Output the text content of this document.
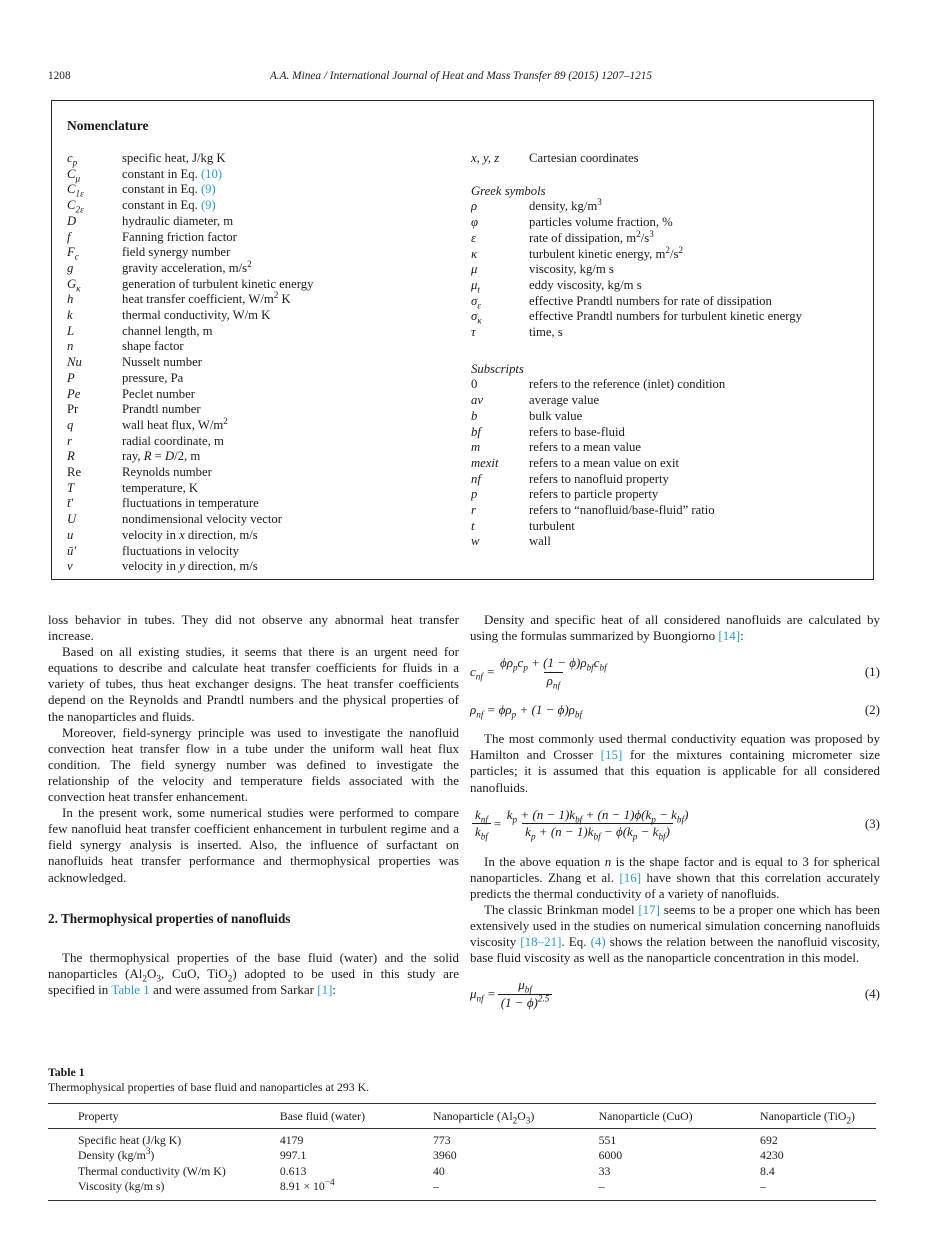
1208	A.A. Minea / International Journal of Heat and Mass Transfer 89 (2015) 1207–1215
Nomenclature
$c_p$	specific heat, J/kg K
$C_\mu$	constant in Eq. (10)
$C_{1\varepsilon}$	constant in Eq. (9)
$C_{2\varepsilon}$	constant in Eq. (9)
D	hydraulic diameter, m
f	Fanning friction factor
$F_c$	field synergy number
g	gravity acceleration, $m/s^2$
$G_\kappa$	generation of turbulent kinetic energy
h	heat transfer coefficient, $W/m^2$ K
k	thermal conductivity, W/m K
L	channel length, m
n	shape factor
Nu	Nusselt number
P	pressure, Pa
Pe	Peclet number
Pr	Prandtl number
q	wall heat flux, $W/m^2$
r	radial coordinate, m
R	ray, R = D/2, m
Re	Reynolds number
T	temperature, K
t̄′	fluctuations in temperature
U	nondimensional velocity vector
u	velocity in x direction, m/s
ū′	fluctuations in velocity
v	velocity in y direction, m/s
x, y, z	Cartesian coordinates
Greek symbols
ρ	density, $kg/m^3$
φ	particles volume fraction, %
ε	rate of dissipation, $m^2/s^3$
κ	turbulent kinetic energy, $m^2/s^2$
μ	viscosity, kg/m s
$\mu_t$	eddy viscosity, kg/m s
$\sigma_\varepsilon$	effective Prandtl numbers for rate of dissipation
$\sigma_\kappa$	effective Prandtl numbers for turbulent kinetic energy
τ	time, s
Subscripts
0	refers to the reference (inlet) condition
av	average value
b	bulk value
bf	refers to base-fluid
m	refers to a mean value
mexit	refers to a mean value on exit
nf	refers to nanofluid property
p	refers to particle property
r	refers to “nanofluid/base-fluid” ratio
t	turbulent
w	wall

loss behavior in tubes. They did not observe any abnormal heat transfer increase.

Based on all existing studies, it seems that there is an urgent need for equations to describe and calculate heat transfer coefficients for fluids in a variety of tubes, thus heat exchanger designs. The heat transfer coefficients depend on the Reynolds and Prandtl numbers and the physical properties of the nanoparticles and fluids.

Moreover, field-synergy principle was used to investigate the nanofluid convection heat transfer flow in a tube under the uniform wall heat flux condition. The field synergy number was defined to investigate the relationship of the velocity and temperature fields associated with the convection heat transfer enhancement.

In the present work, some numerical studies were performed to compare few nanofluid heat transfer coefficient enhancement in turbulent regime and a field synergy analysis is inserted. Also, the influence of surfactant on nanofluids heat transfer performance and thermophysical properties was acknowledged.

2. Thermophysical properties of nanofluids

The thermophysical properties of the base fluid (water) and the solid nanoparticles ($Al_2O_3$, CuO, TiO$_2$) adopted to be used in this study are specified in Table 1 and were assumed from Sarkar [1]:

Density and specific heat of all considered nanofluids are calculated by using the formulas summarized by Buongiorno [14]:

$c_{nf} = \frac{\phi\rho_pc_p + (1 - \phi)\rho_{bf}c_{bf}}{\rho_{nf}}$	(1)
$\rho_{nf} = \phi\rho_p + (1 - \phi)\rho_{bf}$	(2)

The most commonly used thermal conductivity equation was proposed by Hamilton and Crosser [15] for the mixtures containing micrometer size particles; it is assumed that this equation is applicable for all considered nanofluids.

$\frac{k_{nf}}{k_{bf}} = \frac{k_p + (n - 1)k_{bf} + (n - 1)\phi(k_p - k_{bf})}{k_p + (n - 1)k_{bf} - \phi(k_p - k_{bf})}$	(3)

In the above equation n is the shape factor and is equal to 3 for spherical nanoparticles. Zhang et al. [16] have shown that this correlation accurately predicts the thermal conductivity of a variety of nanofluids.

The classic Brinkman model [17] seems to be a proper one which has been extensively used in the studies on numerical simulation concerning nanofluids viscosity [18–21]. Eq. (4) shows the relation between the nanofluid viscosity, base fluid viscosity as well as the nanoparticle concentration in this model.

$\mu_{nf} = \frac{\mu_{bf}}{(1 - \phi)^{2.5}}$	(4)
Table 1
Thermophysical properties of base fluid and nanoparticles at 293 K.
Property	Base fluid (water)	Nanoparticle $(Al_2O_3)$	Nanoparticle (CuO)	Nanoparticle (TiO$_2$)
Specific heat (J/kg K)	4179	773	551	692
Density $(kg/m^3)$	997.1	3960	6000	4230
Thermal conductivity (W/m K)	0.613	40	33	8.4
Viscosity (kg/m s)	$8.91 \times 10^{-4}$	–	–	–
